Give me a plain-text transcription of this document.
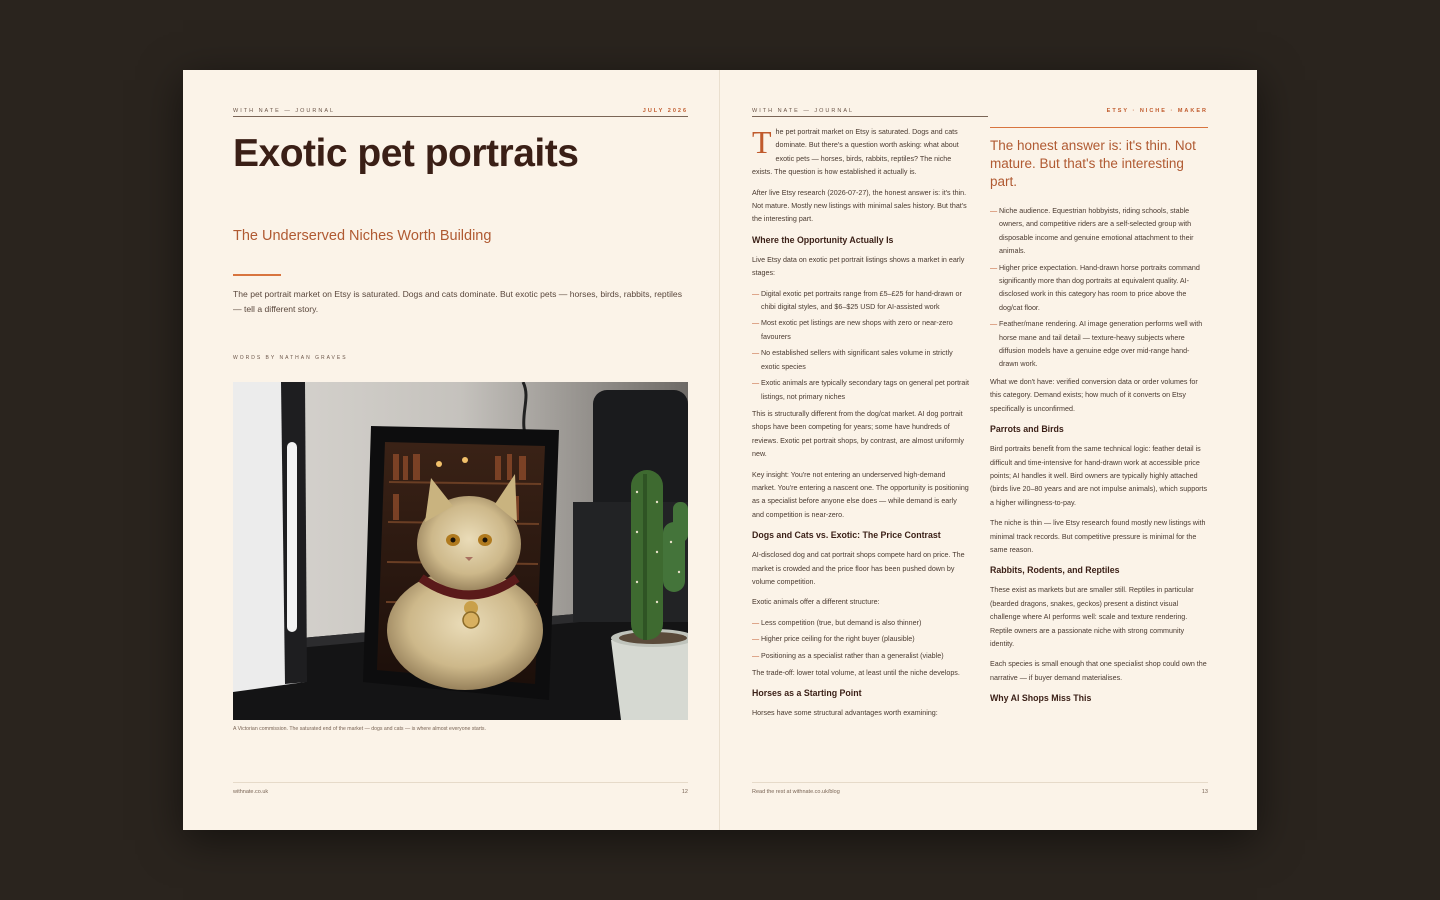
WITH NATE — JOURNAL	JULY 2026
Exotic pet portraits
The Underserved Niches Worth Building

The pet portrait market on Etsy is saturated. Dogs and cats dominate. But exotic pets — horses, birds, rabbits, reptiles — tell a different story.

WORDS BY NATHAN GRAVES
A Victorian commission. The saturated end of the market — dogs and cats — is where almost everyone starts.
withnate.co.uk	12
WITH NATE — JOURNAL	ETSY · NICHE · MAKER

The pet portrait market on Etsy is saturated. Dogs and cats dominate. But there's a question worth asking: what about exotic pets — horses, birds, rabbits, reptiles? The niche exists. The question is how established it actually is.

After live Etsy research (2026-07-27), the honest answer is: it's thin. Not mature. Mostly new listings with minimal sales history. But that's the interesting part.

Where the Opportunity Actually Is

Live Etsy data on exotic pet portrait listings shows a market in early stages:

— Digital exotic pet portraits range from £5–£25 for hand-drawn or chibi digital styles, and $6–$25 USD for AI-assisted work
— Most exotic pet listings are new shops with zero or near-zero favourers
— No established sellers with significant sales volume in strictly exotic species
— Exotic animals are typically secondary tags on general pet portrait listings, not primary niches

This is structurally different from the dog/cat market. AI dog portrait shops have been competing for years; some have hundreds of reviews. Exotic pet portrait shops, by contrast, are almost uniformly new.

Key insight: You're not entering an underserved high-demand market. You're entering a nascent one. The opportunity is positioning as a specialist before anyone else does — while demand is early and competition is near-zero.

Dogs and Cats vs. Exotic: The Price Contrast

AI-disclosed dog and cat portrait shops compete hard on price. The market is crowded and the price floor has been pushed down by volume competition.

Exotic animals offer a different structure:

— Less competition (true, but demand is also thinner)
— Higher price ceiling for the right buyer (plausible)
— Positioning as a specialist rather than a generalist (viable)

The trade-off: lower total volume, at least until the niche develops.

Horses as a Starting Point

Horses have some structural advantages worth examining:

The honest answer is: it's thin. Not mature. But that's the interesting part.
— Niche audience. Equestrian hobbyists, riding schools, stable owners, and competitive riders are a self-selected group with disposable income and genuine emotional attachment to their animals.
— Higher price expectation. Hand-drawn horse portraits command significantly more than dog portraits at equivalent quality. AI-disclosed work in this category has room to price above the dog/cat floor.
— Feather/mane rendering. AI image generation performs well with horse mane and tail detail — texture-heavy subjects where diffusion models have a genuine edge over mid-range hand-drawn work.

What we don't have: verified conversion data or order volumes for this category. Demand exists; how much of it converts on Etsy specifically is unconfirmed.

Parrots and Birds

Bird portraits benefit from the same technical logic: feather detail is difficult and time-intensive for hand-drawn work at accessible price points; AI handles it well. Bird owners are typically highly attached (birds live 20–80 years and are not impulse animals), which supports a higher willingness-to-pay.

The niche is thin — live Etsy research found mostly new listings with minimal track records. But competitive pressure is minimal for the same reason.

Rabbits, Rodents, and Reptiles

These exist as markets but are smaller still. Reptiles in particular (bearded dragons, snakes, geckos) present a distinct visual challenge where AI performs well: scale and texture rendering. Reptile owners are a passionate niche with strong community identity.

Each species is small enough that one specialist shop could own the narrative — if buyer demand materialises.

Why AI Shops Miss This
Read the rest at withnate.co.uk/blog	13
